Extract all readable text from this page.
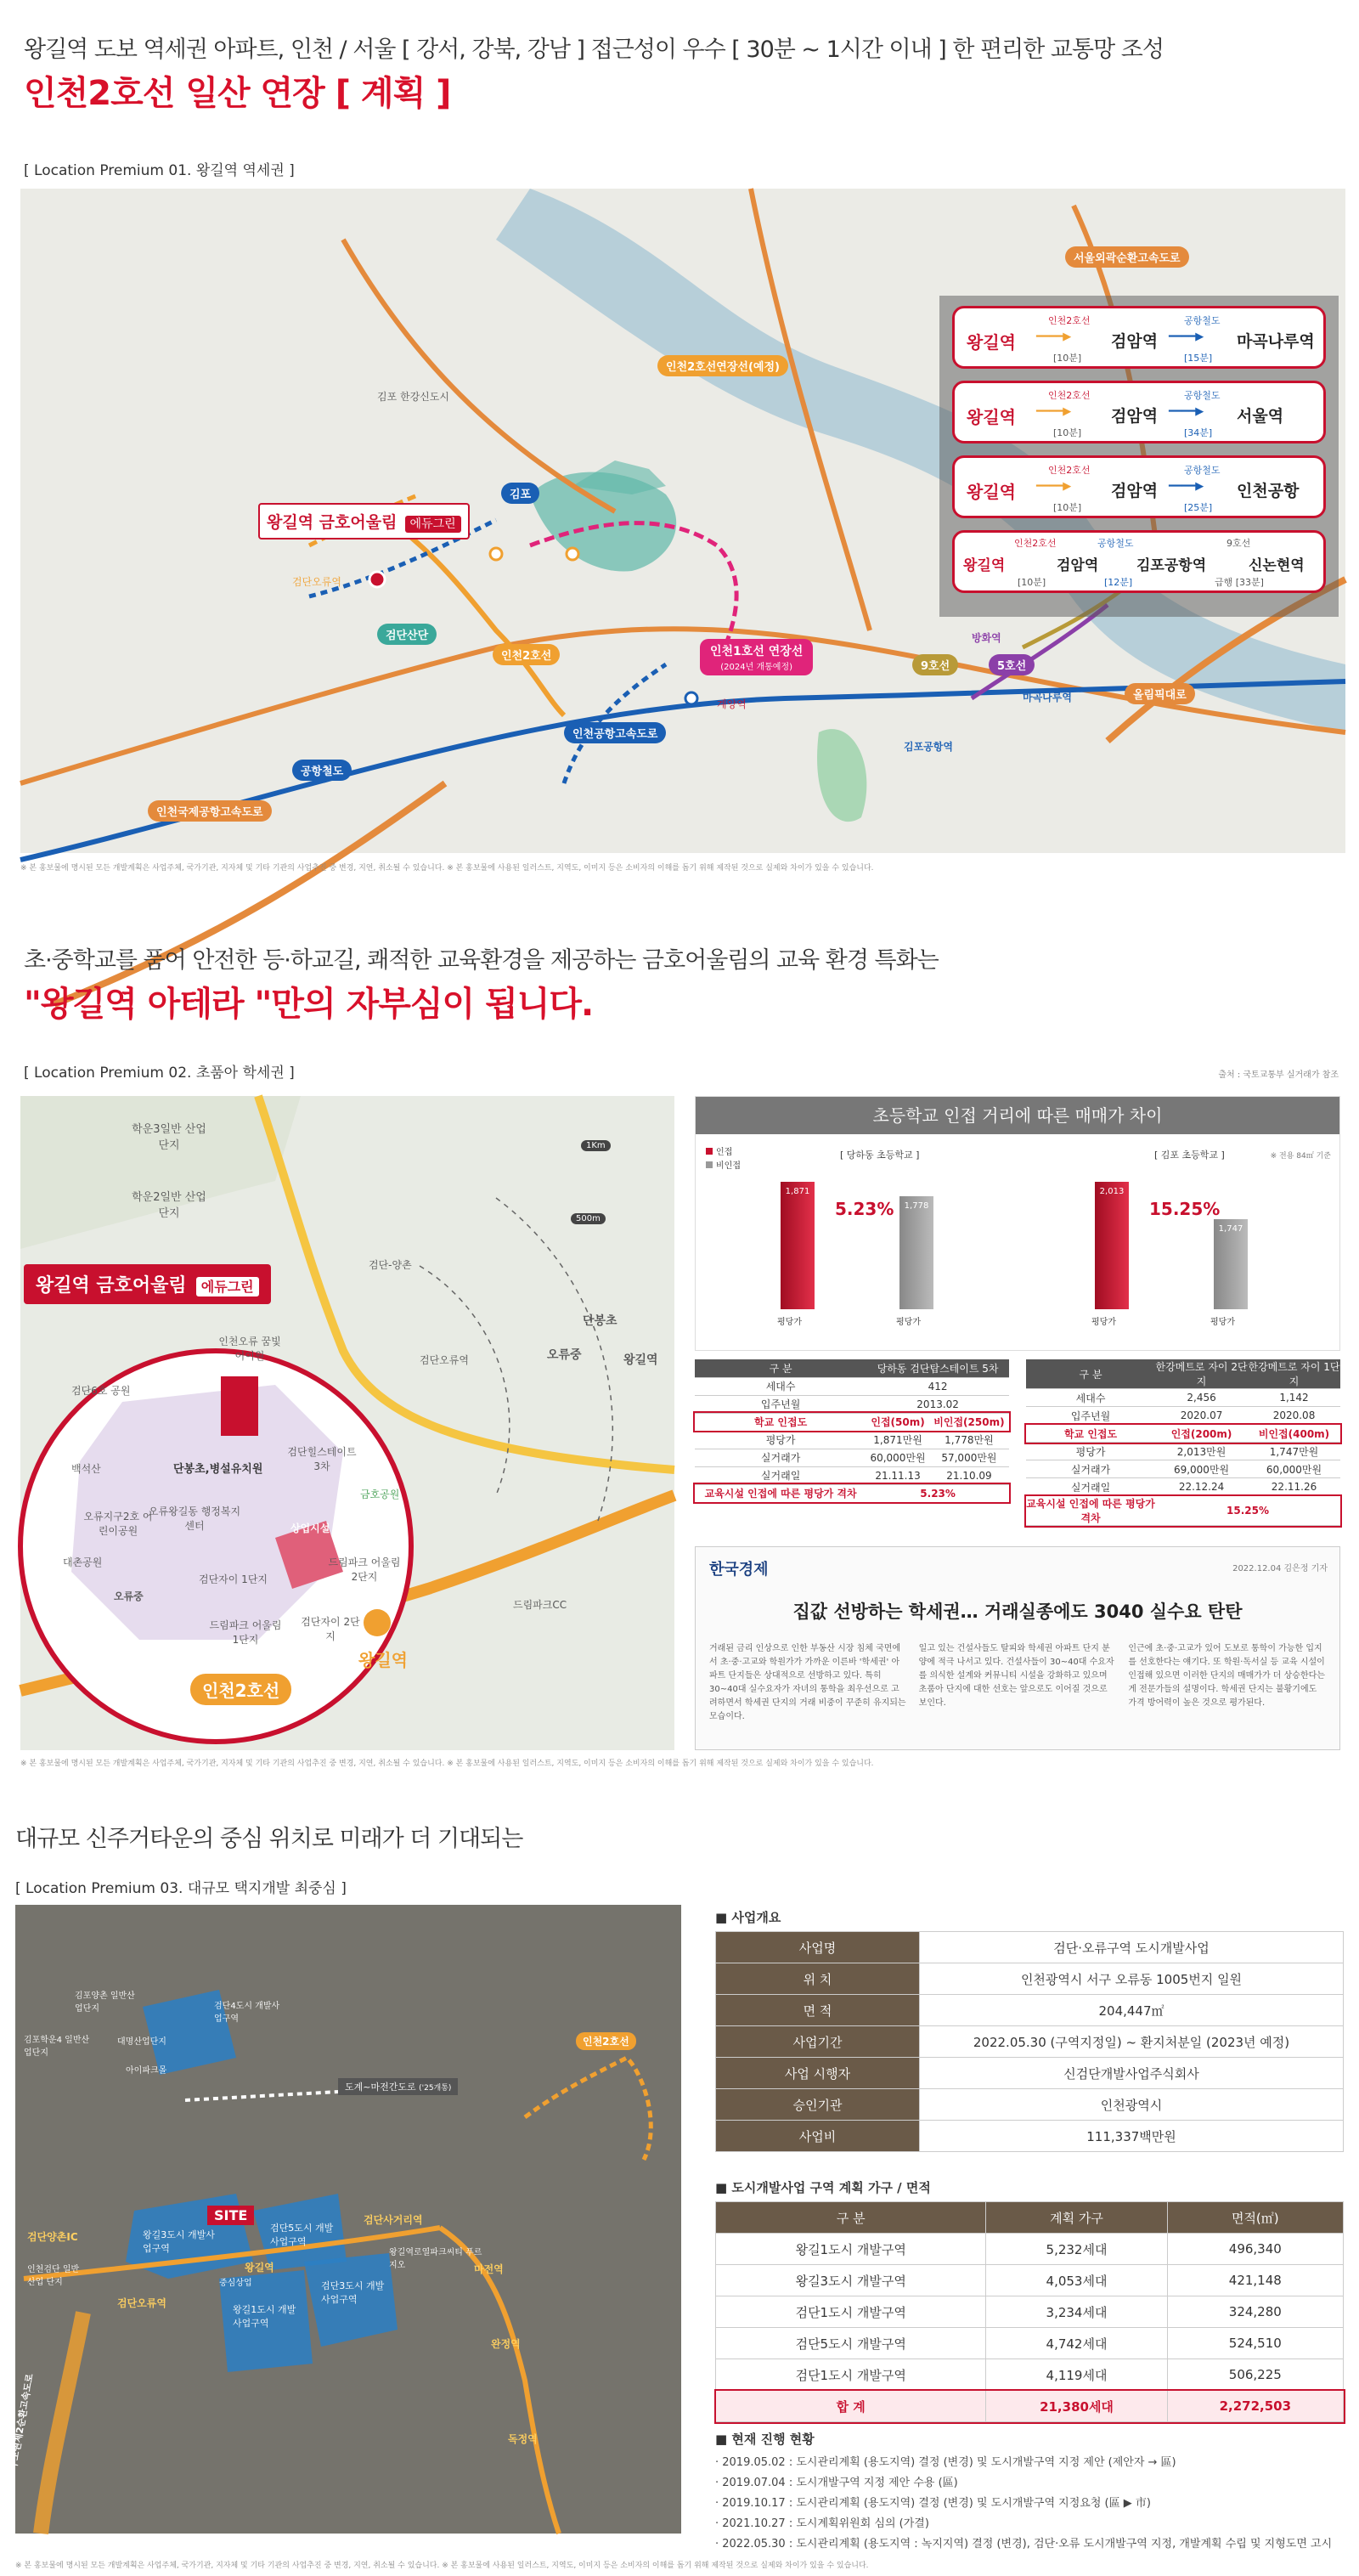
왕길역 도보 역세권 아파트, 인천 / 서울 [ 강서, 강북, 강남 ] 접근성이 우수 [ 30분 ~ 1시간 이내 ] 한 편리한 교통망 조성
인천2호선 일산 연장 [ 계획 ]
[ Location Premium 01. 왕길역 역세권 ]
왕길역 금호어울림 에듀그린
김포
검단산단
인천2호선	인천1호선 연장선
(2024년 개통예정)
인천공항고속도로
9호선	5호선
공항철도
서울외곽순환고속도로
인천2호선연장선(예정)
올림픽대로
인천국제공항고속도로
마곡나루역
김포공항역
방화역
김포 한강신도시
계양역
검단오류역
왕길역
인천2호선
━━━━▶
[10분]
검암역
공항철도
━━━━▶
[15분]
마곡나루역
왕길역
인천2호선
━━━━▶
[10분]
검암역
공항철도
━━━━▶
[34분]
서울역
왕길역
인천2호선
━━━━▶
[10분]
검암역
공항철도
━━━━▶
[25분]
인천공항
왕길역
인천2호선
[10분]
검암역
공항철도
[12분]
김포공항역
9호선
급행 [33분]
신논현역
※ 본 홍보물에 명시된 모든 개발계획은 사업주체, 국가기관, 지자체 및 기타 기관의 사업추진 중 변경, 지연, 취소될 수 있습니다. ※ 본 홍보물에 사용된 일러스트, 지역도, 이미지 등은 소비자의 이해를 돕기 위해 제작된 것으로 실제와 차이가 있을 수 있습니다.
초·중학교를 품어 안전한 등·하교길, 쾌적한 교육환경을 제공하는 금호어울림의 교육 환경 특화는
"왕길역 아테라 "만의 자부심이 됩니다.
[ Location Premium 02. 초품아 학세권 ]	출처 : 국토교통부 실거래가 참조
왕길역 금호어울림 에듀그린
학운3일반 산업단지
학운2일반 산업단지
1Km
500m
검단-양촌
검단오류역
단봉초
오류중	왕길역
검단6호 공원
백석산
대촌공원
인천오류 꿈빛어이원
단봉초,병설유치원
검단힐스테이트 3차
금호공원
오류왕길동 행정복지센터	상업시설
검단자이 1단지
드림파크 어울림2단지
오류지구2호 어린이공원
오류중
드림파크 어울림1단지
검단자이 2단지
왕길역
인천2호선
드림파크CC
초등학교 인접 거리에 따른 매매가 차이
인접
비인접
※ 전용 84㎡ 기준
[ 당하동 초등학교 ]
1,871
평당가
1,778
평당가
5.23%
[ 김포 초등학교 ]
2,013
평당가
1,747
평당가
15.25%
구 분	당하동 검단탑스테이트 5차	
세대수	412	
입주년월	2013.02	
학교 인접도	인접(50m)	비인접(250m)
평당가	1,871만원	1,778만원
실거래가	60,000만원	57,000만원
실거래일	21.11.13	21.10.09
교육시설 인접에 따른 평당가 격차	5.23%	
구 분	한강메트로 자이 2단지	한강메트로 자이 1단지
세대수	2,456	1,142
입주년월	2020.07	2020.08
학교 인접도	인접(200m)	비인접(400m)
평당가	2,013만원	1,747만원
실거래가	69,000만원	60,000만원
실거래일	22.12.24	22.11.26
교육시설 인접에 따른 평당가 격차	15.25%	
한국경제	2022.12.04 김은정 기자
집값 선방하는 학세권… 거래실종에도 3040 실수요 탄탄
거래된 금리 인상으로 인한 부동산 시장 침체 국면에서 초·중·고교와 학원가가 가까운 이른바 '학세권' 아파트 단지들은 상대적으로 선방하고 있다. 특히 30~40대 실수요자가 자녀의 통학을 최우선으로 고려하면서 학세권 단지의 거래 비중이 꾸준히 유지되는 모습이다.
일고 있는 건설사들도 탈피와 학세권 아파트 단지 분양에 적극 나서고 있다. 건설사들이 30~40대 수요자를 의식한 설계와 커뮤니티 시설을 강화하고 있으며 초품아 단지에 대한 선호는 앞으로도 이어질 것으로 보인다.
인근에 초·중·고교가 있어 도보로 통학이 가능한 입지를 선호한다는 얘기다. 또 학원·독서실 등 교육 시설이 인접해 있으면 이러한 단지의 매매가가 더 상승한다는 게 전문가들의 설명이다. 학세권 단지는 불황기에도 가격 방어력이 높은 것으로 평가된다.
※ 본 홍보물에 명시된 모든 개발계획은 사업주체, 국가기관, 지자체 및 기타 기관의 사업추진 중 변경, 지연, 취소될 수 있습니다. ※ 본 홍보물에 사용된 일러스트, 지역도, 이미지 등은 소비자의 이해를 돕기 위해 제작된 것으로 실제와 차이가 있을 수 있습니다.
대규모 신주거타운의 중심 위치로 미래가 더 기대되는
[ Location Premium 03. 대규모 택지개발 최중심 ]
SITE
검단4도시 개발사업구역
왕길3도시 개발사업구역
검단5도시 개발사업구역
왕길1도시 개발사업구역
검단3도시 개발사업구역
왕길역
검단사거리역
마전역
완정역
독정역
검단양촌IC
검단오류역
인천2호선
도계~마전간도로 ('25개통)
김포양촌 일반산업단지
김포학운4 일반산업단지
대명산업단지
아이파크몰
인천검단 일반산업 단지
왕길역로열파크씨티 푸르지오
중심상업
수도권제2순환고속도로
■ 사업개요
사업명	검단·오류구역 도시개발사업
위 치	인천광역시 서구 오류동 1005번지 일원
면 적	204,447㎡
사업기간	2022.05.30 (구역지정일) ~ 환지처분일 (2023년 예정)
사업 시행자	신검단개발사업주식회사
승인기관	인천광역시
사업비	111,337백만원
■ 도시개발사업 구역 계획 가구 / 면적
구 분	계획 가구	면적(㎡)
왕길1도시 개발구역	5,232세대	496,340
왕길3도시 개발구역	4,053세대	421,148
검단1도시 개발구역	3,234세대	324,280
검단5도시 개발구역	4,742세대	524,510
검단1도시 개발구역	4,119세대	506,225
합 계	21,380세대	2,272,503
■ 현재 진행 현황
· 2019.05.02 : 도시관리계획 (용도지역) 결정 (변경) 및 도시개발구역 지정 제안 (제안자 → 區)
· 2019.07.04 : 도시개발구역 지정 제안 수용 (區)
· 2019.10.17 : 도시관리계획 (용도지역) 결정 (변경) 및 도시개발구역 지정요청 (區 ▶ 市)
· 2021.10.27 : 도시계획위원회 심의 (가결)
· 2022.05.30 : 도시관리계획 (용도지역 : 녹지지역) 결정 (변경), 검단·오류 도시개발구역 지정, 개발계획 수립 및 지형도면 고시
※ 본 홍보물에 명시된 모든 개발계획은 사업주체, 국가기관, 지자체 및 기타 기관의 사업추진 중 변경, 지연, 취소될 수 있습니다. ※ 본 홍보물에 사용된 일러스트, 지역도, 이미지 등은 소비자의 이해를 돕기 위해 제작된 것으로 실제와 차이가 있을 수 있습니다.
